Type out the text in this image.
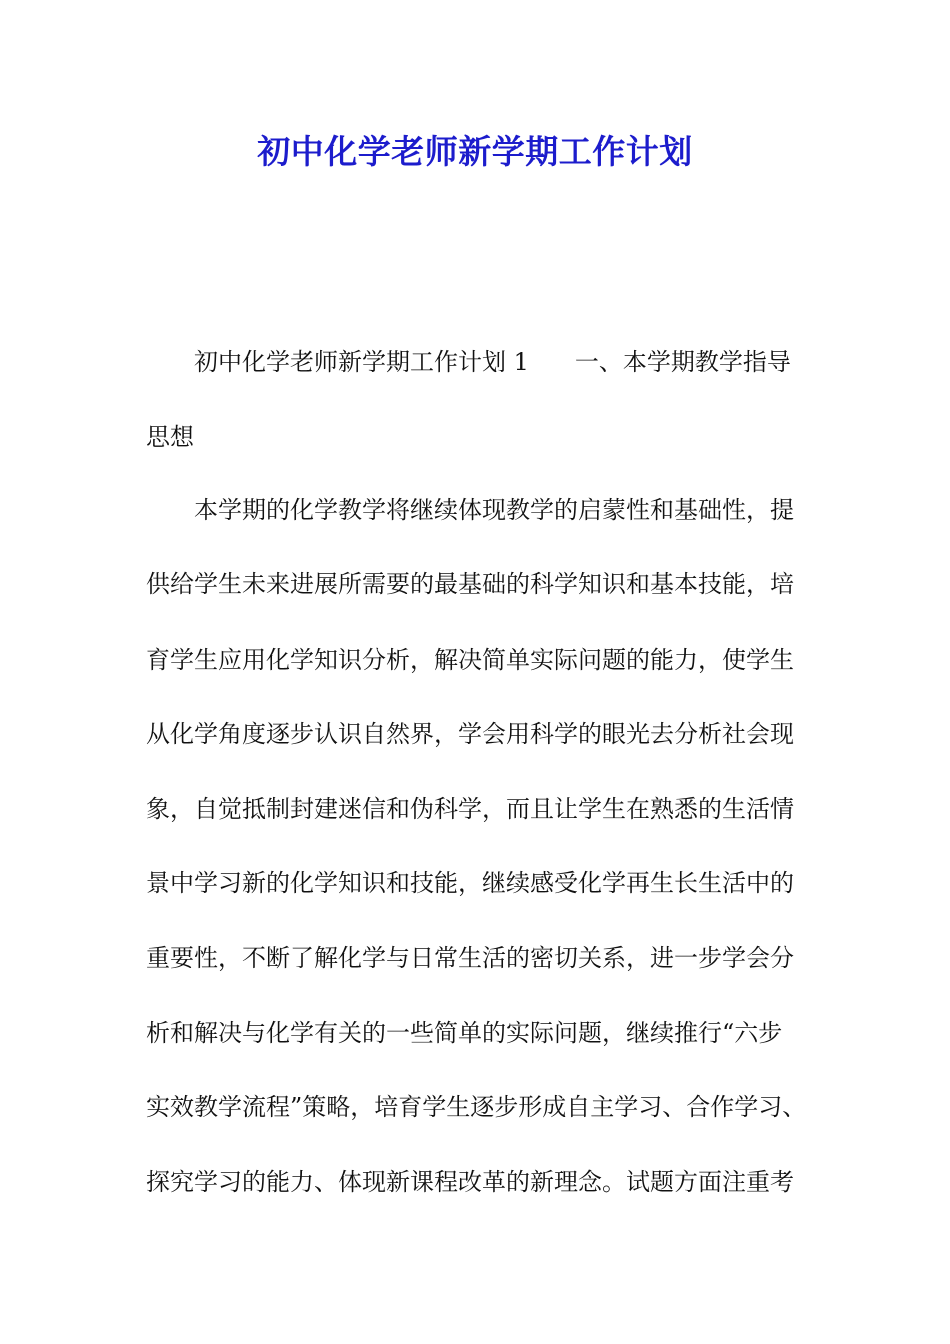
初中化学老师新学期工作计划
初中化学老师新学期工作计划 1 一、本学期教学指导
思想
本学期的化学教学将继续体现教学的启蒙性和基础性，提
供给学生未来进展所需要的最基础的科学知识和基本技能，培
育学生应用化学知识分析，解决简单实际问题的能力，使学生
从化学角度逐步认识自然界，学会用科学的眼光去分析社会现
象，自觉抵制封建迷信和伪科学，而且让学生在熟悉的生活情
景中学习新的化学知识和技能，继续感受化学再生长生活中的
重要性，不断了解化学与日常生活的密切关系，进一步学会分
析和解决与化学有关的一些简单的实际问题，继续推行“六步
实效教学流程”策略，培育学生逐步形成自主学习、合作学习、
探究学习的能力、体现新课程改革的新理念。试题方面注重考
